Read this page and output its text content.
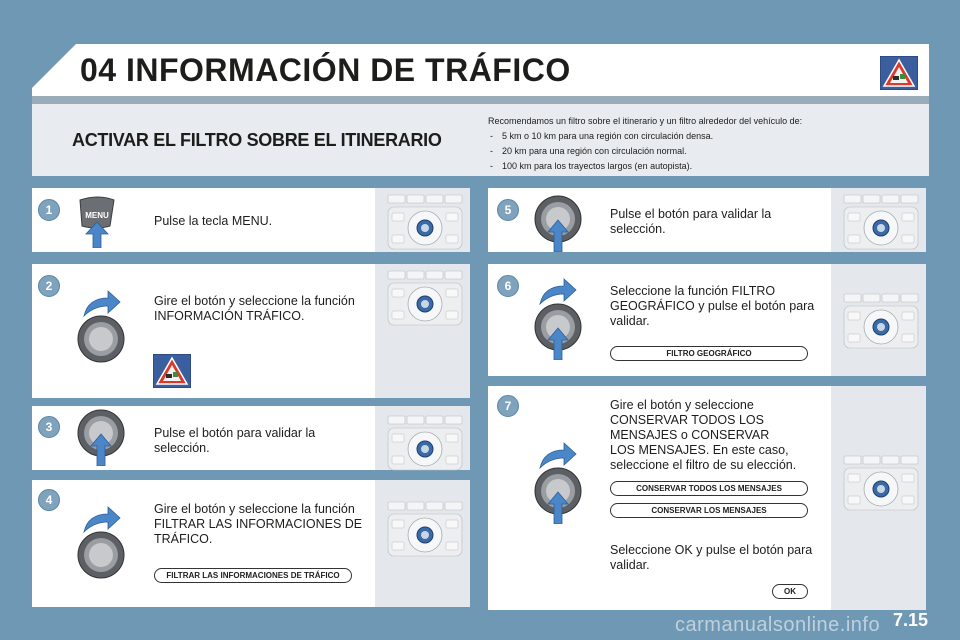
04 INFORMACIÓN DE TRÁFICO
ACTIVAR EL FILTRO SOBRE EL ITINERARIO
Recomendamos un filtro sobre el itinerario y un filtro alrededor del vehículo de:
- 5 km o 10 km para una región con circulación densa.
- 20 km para una región con circulación normal.
- 100 km para los trayectos largos (en autopista).
1	MENU	Pulse la tecla MENU.
2
Gire el botón y seleccione la función
INFORMACIÓN TRÁFICO.
3	Pulse el botón para validar la
selección.
4
Gire el botón y seleccione la función
FILTRAR LAS INFORMACIONES DE
TRÁFICO.
FILTRAR LAS INFORMACIONES DE TRÁFICO
5	Pulse el botón para validar la
selección.
6	Seleccione la función FILTRO
GEOGRÁFICO y pulse el botón para
validar.
FILTRO GEOGRÁFICO
7	Gire el botón y seleccione
CONSERVAR TODOS LOS
MENSAJES o CONSERVAR
LOS MENSAJES. En este caso,
seleccione el filtro de su elección.
CONSERVAR TODOS LOS MENSAJES
CONSERVAR LOS MENSAJES
Seleccione OK y pulse el botón para
validar.
OK
carmanualsonline.info 7.15
